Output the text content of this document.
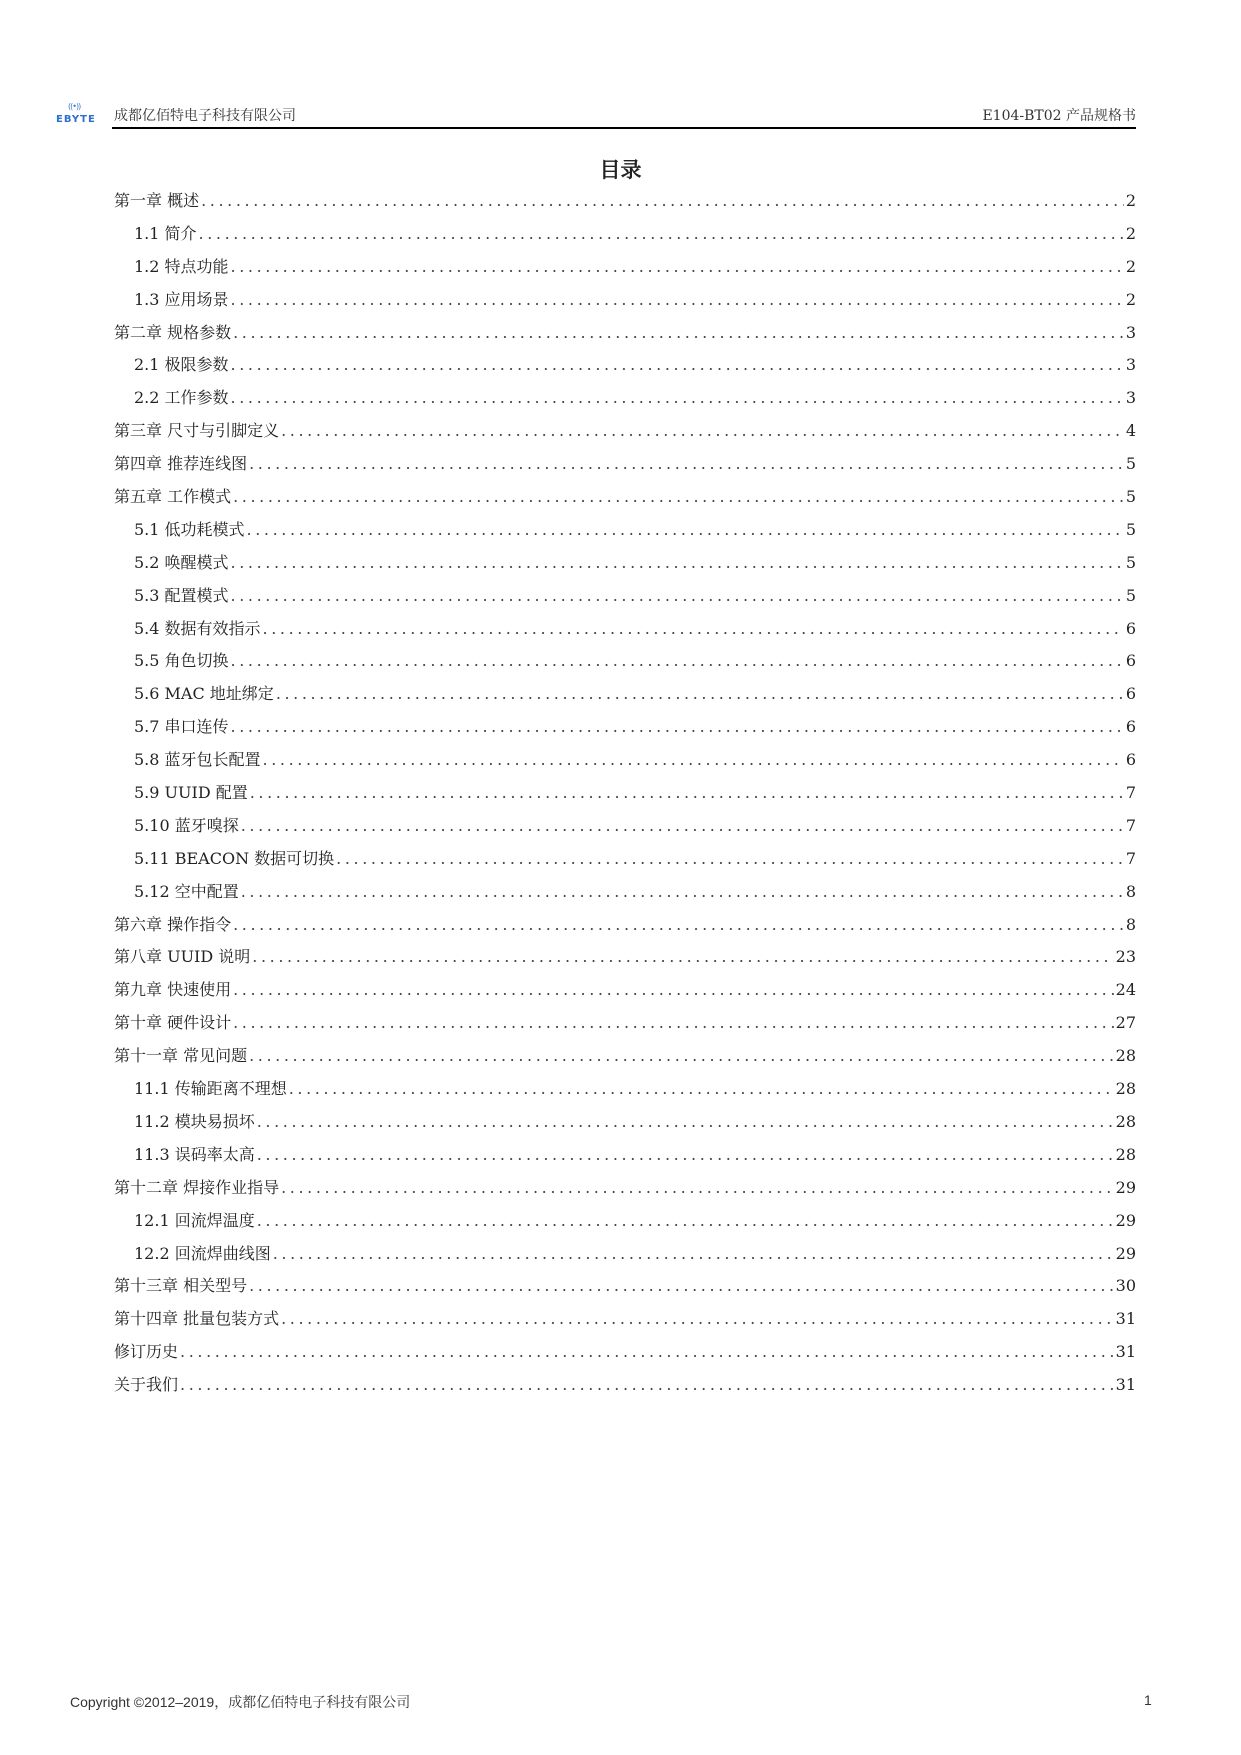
((•))
EBYTE 成都亿佰特电子科技有限公司	E104-BT02 产品规格书
目录
第一章 概述 .....	2
1.1 简介 .....	2
1.2 特点功能 .....	2
1.3 应用场景 .....	2
第二章 规格参数 .....	3
2.1 极限参数 .....	3
2.2 工作参数 .....	3
第三章 尺寸与引脚定义 .....	4
第四章 推荐连线图 .....	5
第五章 工作模式 .....	5
5.1 低功耗模式 .....	5
5.2 唤醒模式 .....	5
5.3 配置模式 .....	5
5.4 数据有效指示 .....	6
5.5 角色切换 .....	6
5.6 MAC 地址绑定 .....	6
5.7 串口连传 .....	6
5.8 蓝牙包长配置 .....	6
5.9 UUID 配置 .....	7
5.10 蓝牙嗅探 .....	7
5.11 BEACON 数据可切换 .....	7
5.12 空中配置 .....	8
第六章 操作指令 .....	8
第八章 UUID 说明 .....	23
第九章 快速使用 .....	24
第十章 硬件设计 .....	27
第十一章 常见问题 .....	28
11.1 传输距离不理想 .....	28
11.2 模块易损坏 .....	28
11.3 误码率太高 .....	28
第十二章 焊接作业指导 .....	29
12.1 回流焊温度 .....	29
12.2 回流焊曲线图 .....	29
第十三章 相关型号 .....	30
第十四章 批量包装方式 .....	31
修订历史 .....	31
关于我们 .....	31
Copyright ©2012–2019，成都亿佰特电子科技有限公司	1
